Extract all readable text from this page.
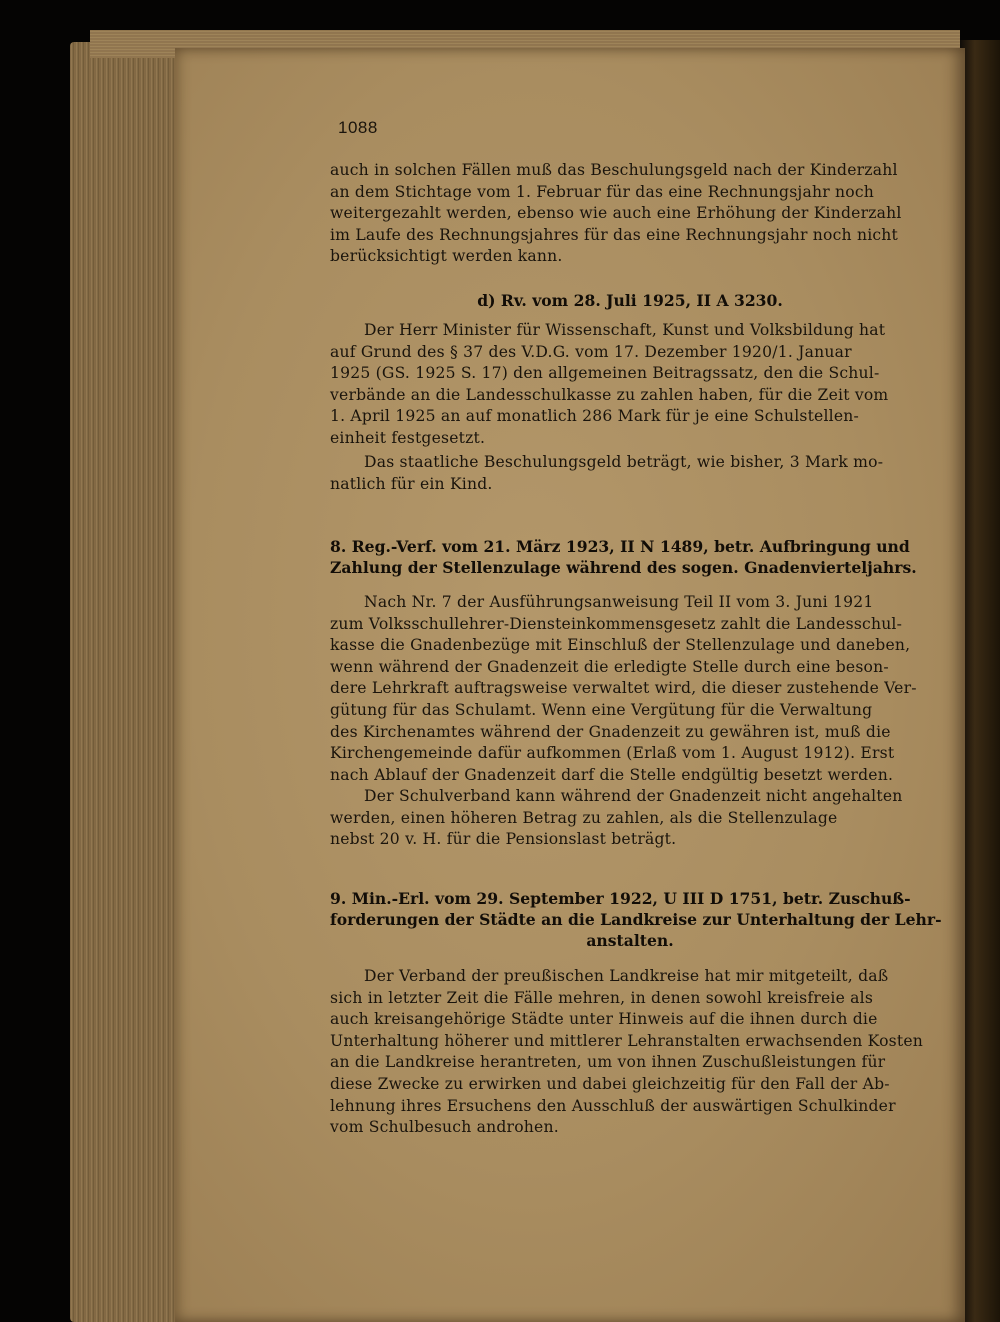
1088
auch in solchen Fällen muß das Beschulungsgeld nach der Kinderzahl
an dem Stichtage vom 1. Februar für das eine Rechnungsjahr noch
weitergezahlt werden, ebenso wie auch eine Erhöhung der Kinderzahl
im Laufe des Rechnungsjahres für das eine Rechnungsjahr noch nicht
berücksichtigt werden kann.
d) Rv. vom 28. Juli 1925, II A 3230.
Der Herr Minister für Wissenschaft, Kunst und Volksbildung hat
auf Grund des § 37 des V.D.G. vom 17. Dezember 1920/1. Januar
1925 (GS. 1925 S. 17) den allgemeinen Beitragssatz, den die Schul-
verbände an die Landesschulkasse zu zahlen haben, für die Zeit vom
1. April 1925 an auf monatlich 286 Mark für je eine Schulstellen-
einheit festgesetzt.
Das staatliche Beschulungsgeld beträgt, wie bisher, 3 Mark mo-
natlich für ein Kind.
8. Reg.-Verf. vom 21. März 1923, II N 1489, betr. Aufbringung und
Zahlung der Stellenzulage während des sogen. Gnadenvierteljahrs.
Nach Nr. 7 der Ausführungsanweisung Teil II vom 3. Juni 1921
zum Volksschullehrer-Diensteinkommensgesetz zahlt die Landesschul-
kasse die Gnadenbezüge mit Einschluß der Stellenzulage und daneben,
wenn während der Gnadenzeit die erledigte Stelle durch eine beson-
dere Lehrkraft auftragsweise verwaltet wird, die dieser zustehende Ver-
gütung für das Schulamt. Wenn eine Vergütung für die Verwaltung
des Kirchenamtes während der Gnadenzeit zu gewähren ist, muß die
Kirchengemeinde dafür aufkommen (Erlaß vom 1. August 1912). Erst
nach Ablauf der Gnadenzeit darf die Stelle endgültig besetzt werden.
Der Schulverband kann während der Gnadenzeit nicht angehalten
werden, einen höheren Betrag zu zahlen, als die Stellenzulage
nebst 20 v. H. für die Pensionslast beträgt.
9. Min.-Erl. vom 29. September 1922, U III D 1751, betr. Zuschuß-
forderungen der Städte an die Landkreise zur Unterhaltung der Lehr-
anstalten.
Der Verband der preußischen Landkreise hat mir mitgeteilt, daß
sich in letzter Zeit die Fälle mehren, in denen sowohl kreisfreie als
auch kreisangehörige Städte unter Hinweis auf die ihnen durch die
Unterhaltung höherer und mittlerer Lehranstalten erwachsenden Kosten
an die Landkreise herantreten, um von ihnen Zuschußleistungen für
diese Zwecke zu erwirken und dabei gleichzeitig für den Fall der Ab-
lehnung ihres Ersuchens den Ausschluß der auswärtigen Schulkinder
vom Schulbesuch androhen.
